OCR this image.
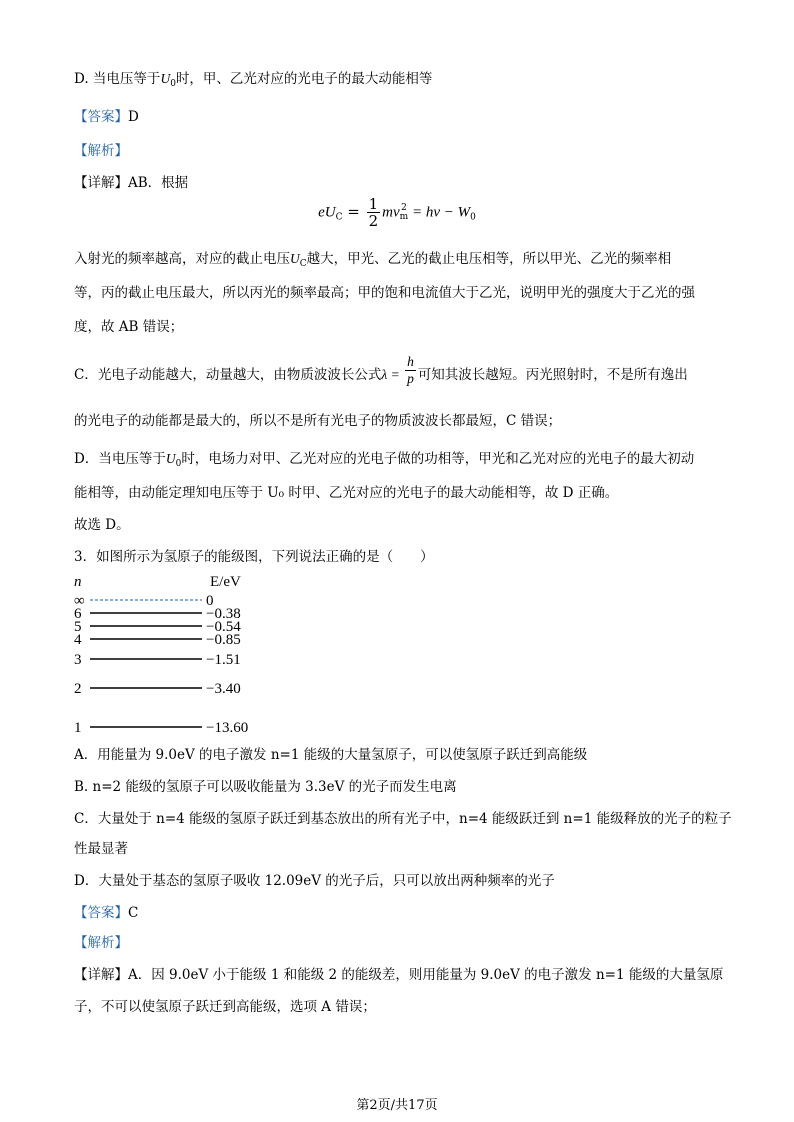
D. 当电压等于$U_0$时，甲、乙光对应的光电子的最大动能相等
【答案】D
【解析】
【详解】AB．根据
$eU_C = \frac{1}{2}$ mv 2
$m = h\nu - W_0$
入射光的频率越高，对应的截止电压$U_C$越大，甲光、乙光的截止电压相等，所以甲光、乙光的频率相
等，丙的截止电压最大，所以丙光的频率最高；甲的饱和电流值大于乙光，说明甲光的强度大于乙光的强
度，故 AB 错误；
C．光电子动能越大，动量越大，由物质波波长公式$\lambda = \frac{h}{p}$ 可知其波长越短。丙光照射时，不是所有逸出
的光电子的动能都是最大的，所以不是所有光电子的物质波波长都最短，C 错误；
D．当电压等于$U_0$时，电场力对甲、乙光对应的光电子做的功相等，甲光和乙光对应的光电子的最大初动
能相等，由动能定理知电压等于 U₀ 时甲、乙光对应的光电子的最大动能相等，故 D 正确。
故选 D。
3．如图所示为氢原子的能级图，下列说法正确的是（　　）
n	E/eV
∞	0
6	−0.38
5	−0.54
4	−0.85
3	−1.51
2	−3.40
1	−13.60
A．用能量为 9.0eV 的电子激发 n=1 能级的大量氢原子，可以使氢原子跃迁到高能级
B. n=2 能级的氢原子可以吸收能量为 3.3eV 的光子而发生电离
C．大量处于 n=4 能级的氢原子跃迁到基态放出的所有光子中，n=4 能级跃迁到 n=1 能级释放的光子的粒子
性最显著
D．大量处于基态的氢原子吸收 12.09eV 的光子后，只可以放出两种频率的光子
【答案】C
【解析】
【详解】A．因 9.0eV 小于能级 1 和能级 2 的能级差，则用能量为 9.0eV 的电子激发 n=1 能级的大量氢原
子，不可以使氢原子跃迁到高能级，选项 A 错误；
第2页/共17页
